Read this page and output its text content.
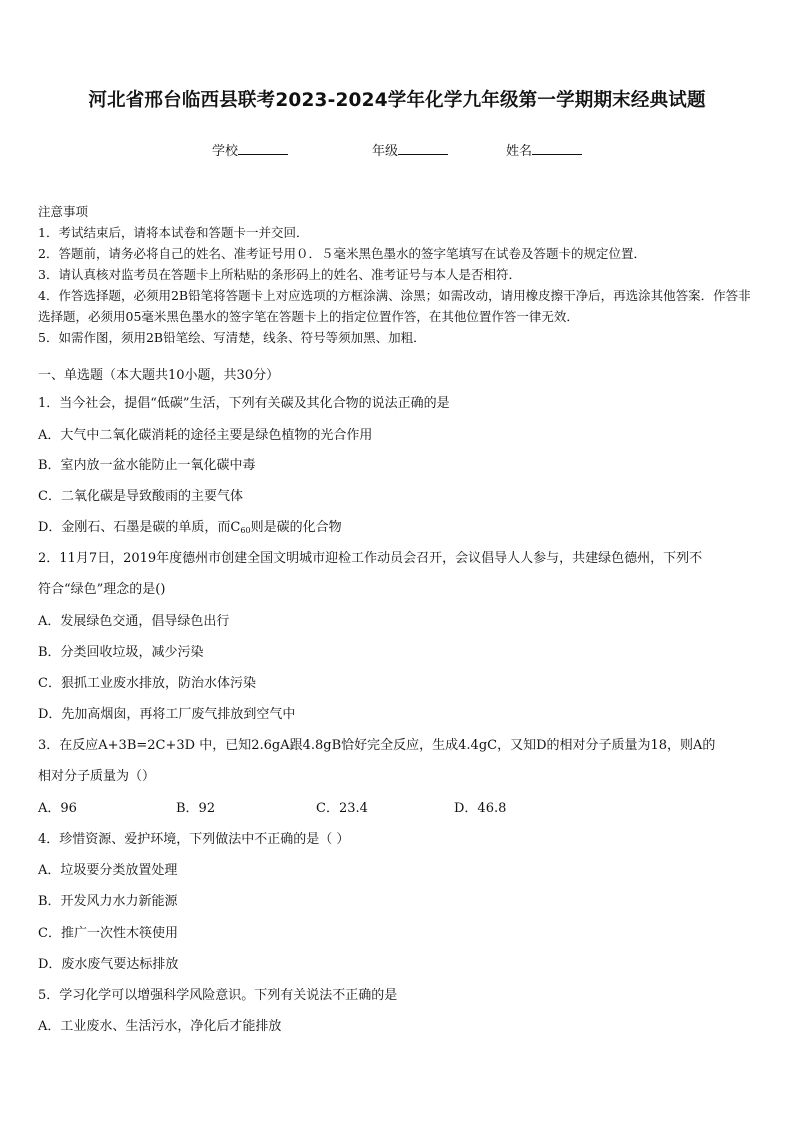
河北省邢台临西县联考2023-2024学年化学九年级第一学期期末经典试题
学校	年级	姓名
注意事项
1．考试结束后，请将本试卷和答题卡一并交回．
2．答题前，请务必将自己的姓名、准考证号用０．５毫米黑色墨水的签字笔填写在试卷及答题卡的规定位置．
3．请认真核对监考员在答题卡上所粘贴的条形码上的姓名、准考证号与本人是否相符．
4．作答选择题，必须用2B铅笔将答题卡上对应选项的方框涂满、涂黑；如需改动，请用橡皮擦干净后，再选涂其他答案．作答非选择题，必须用05毫米黑色墨水的签字笔在答题卡上的指定位置作答，在其他位置作答一律无效．
5．如需作图，须用2B铅笔绘、写清楚，线条、符号等须加黑、加粗．
一、单选题（本大题共10小题，共30分）
1．当今社会，提倡“低碳”生活，下列有关碳及其化合物的说法正确的是
A．大气中二氧化碳消耗的途径主要是绿色植物的光合作用
B．室内放一盆水能防止一氧化碳中毒
C．二氧化碳是导致酸雨的主要气体
D．金刚石、石墨是碳的单质，而$C_{60}$则是碳的化合物
2．11月7日，2019年度德州市创建全国文明城市迎检工作动员会召开，会议倡导人人参与，共建绿色德州，下列不
符合“绿色”理念的是()
A．发展绿色交通，倡导绿色出行
B．分类回收垃圾，减少污染
C．狠抓工业废水排放，防治水体污染
D．先加高烟囱，再将工厂废气排放到空气中
3．在反应A+3B=2C+3D 中，已知2.6gA跟4.8gB恰好完全反应，生成4.4gC，又知D的相对分子质量为18，则A的
相对分子质量为（）
A．96	B．92	C．23.4	D．46.8
4．珍惜资源、爱护环境，下列做法中不正确的是（ ）
A．垃圾要分类放置处理
B．开发风力水力新能源
C．推广一次性木筷使用
D．废水废气要达标排放
5．学习化学可以增强科学风险意识。下列有关说法不正确的是
A．工业废水、生活污水，净化后才能排放
